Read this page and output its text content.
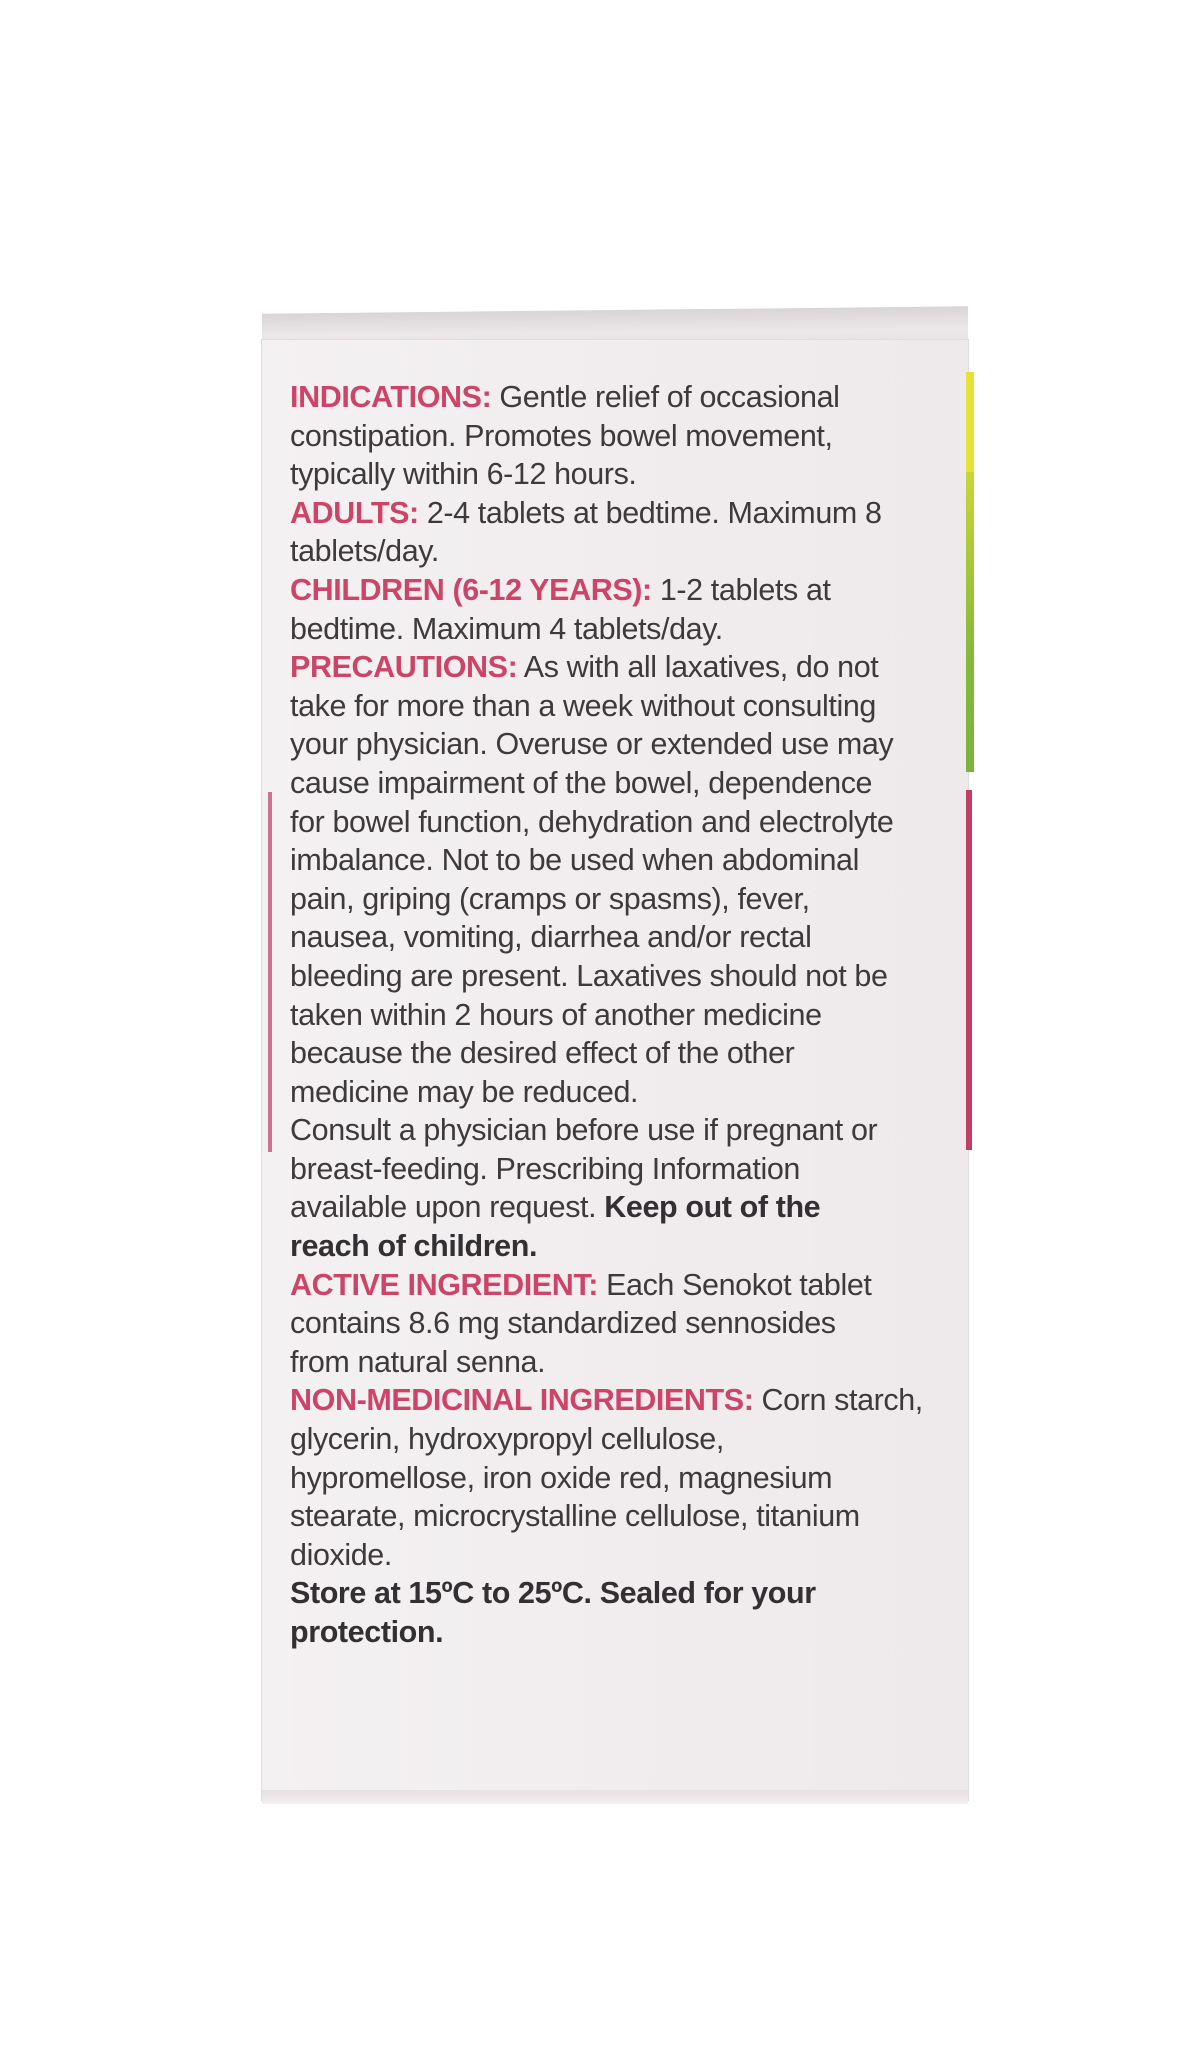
INDICATIONS: Gentle relief of occasional

constipation. Promotes bowel movement,

typically within 6-12 hours.

ADULTS: 2-4 tablets at bedtime. Maximum 8

tablets/day.

CHILDREN (6-12 YEARS): 1-2 tablets at

bedtime. Maximum 4 tablets/day.

PRECAUTIONS: As with all laxatives, do not

take for more than a week without consulting

your physician. Overuse or extended use may

cause impairment of the bowel, dependence

for bowel function, dehydration and electrolyte

imbalance. Not to be used when abdominal

pain, griping (cramps or spasms), fever,

nausea, vomiting, diarrhea and/or rectal

bleeding are present. Laxatives should not be

taken within 2 hours of another medicine

because the desired effect of the other

medicine may be reduced.

Consult a physician before use if pregnant or

breast-feeding. Prescribing Information

available upon request. Keep out of the

reach of children.

ACTIVE INGREDIENT: Each Senokot tablet

contains 8.6 mg standardized sennosides

from natural senna.

NON-MEDICINAL INGREDIENTS: Corn starch,

glycerin, hydroxypropyl cellulose,

hypromellose, iron oxide red, magnesium

stearate, microcrystalline cellulose, titanium

dioxide.

Store at 15ºC to 25ºC. Sealed for your

protection.
